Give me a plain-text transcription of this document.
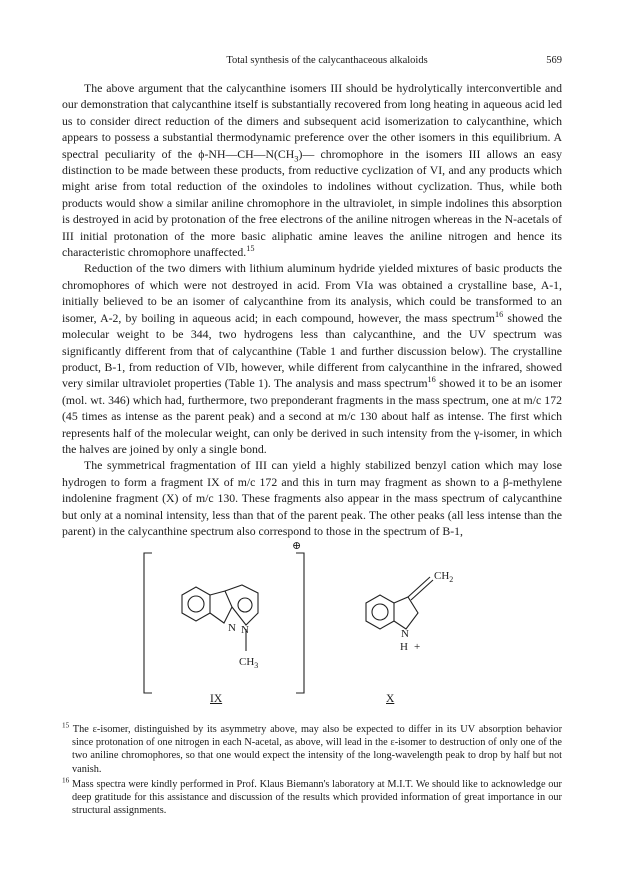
Total synthesis of the calycanthaceous alkaloids	569

The above argument that the calycanthine isomers III should be hydrolytically interconvertible and our demonstration that calycanthine itself is substantially recovered from long heating in aqueous acid led us to consider direct reduction of the dimers and subsequent acid isomerization to calycanthine, which appears to possess a substantial thermodynamic preference over the other isomers in this equilibrium. A spectral peculiarity of the $\phi-NH—CH—N(CH_3)—$ chromophore in the isomers III allows an easy distinction to be made between these products, from reductive cyclization of VI, and any products which might arise from total reduction of the oxindoles to indolines without cyclization. Thus, while both products would show a similar aniline chromophore in the ultraviolet, in simple indolines this absorption is destroyed in acid by protonation of the free electrons of the aniline nitrogen whereas in the N-acetals of III initial protonation of the more basic aliphatic amine leaves the aniline nitrogen and hence its characteristic chromophore unaffected.$^{15}$

Reduction of the two dimers with lithium aluminum hydride yielded mixtures of basic products the chromophores of which were not destroyed in acid. From VIa was obtained a crystalline base, A-1, initially believed to be an isomer of calycanthine from its analysis, which could be transformed to an isomer, A-2, by boiling in aqueous acid; in each compound, however, the mass spectrum$^{16}$ showed the molecular weight to be 344, two hydrogens less than calycanthine, and the UV spectrum was significantly different from that of calycanthine (Table 1 and further discussion below). The crystalline product, B-1, from reduction of VIb, however, while different from calycanthine in the infrared, showed very similar ultraviolet properties (Table 1). The analysis and mass spectrum$^{16}$ showed it to be an isomer (mol. wt. 346) which had, furthermore, two preponderant fragments in the mass spectrum, one at m/c 172 (45 times as intense as the parent peak) and a second at m/c 130 about half as intense. The first which represents half of the molecular weight, can only be derived in such intensity from the γ-isomer, in which the halves are joined by only a single bond.

The symmetrical fragmentation of III can yield a highly stabilized benzyl cation which may lose hydrogen to form a fragment IX of m/c 172 and this in turn may fragment as shown to a β-methylene indolenine fragment (X) of m/c 130. These fragments also appear in the mass spectrum of calycanthine but only at a nominal intensity, less than that of the parent peak. The other peaks (all less intense than the parent) in the calycanthine spectrum also correspond to those in the spectrum of B-1,

⊕
N N
$CH_3$
$CH_2$
N
H +
IX	X

$^{15}$ The ε-isomer, distinguished by its asymmetry above, may also be expected to differ in its UV absorption behavior since protonation of one nitrogen in each N-acetal, as above, will lead in the ε-isomer to destruction of only one of the two aniline chromophores, so that one would expect the intensity of the long-wavelength peak to drop by half but not vanish.

$^{16}$ Mass spectra were kindly performed in Prof. Klaus Biemann's laboratory at M.I.T. We should like to acknowledge our deep gratitude for this assistance and discussion of the results which provided information of great importance in our structural assignments.
